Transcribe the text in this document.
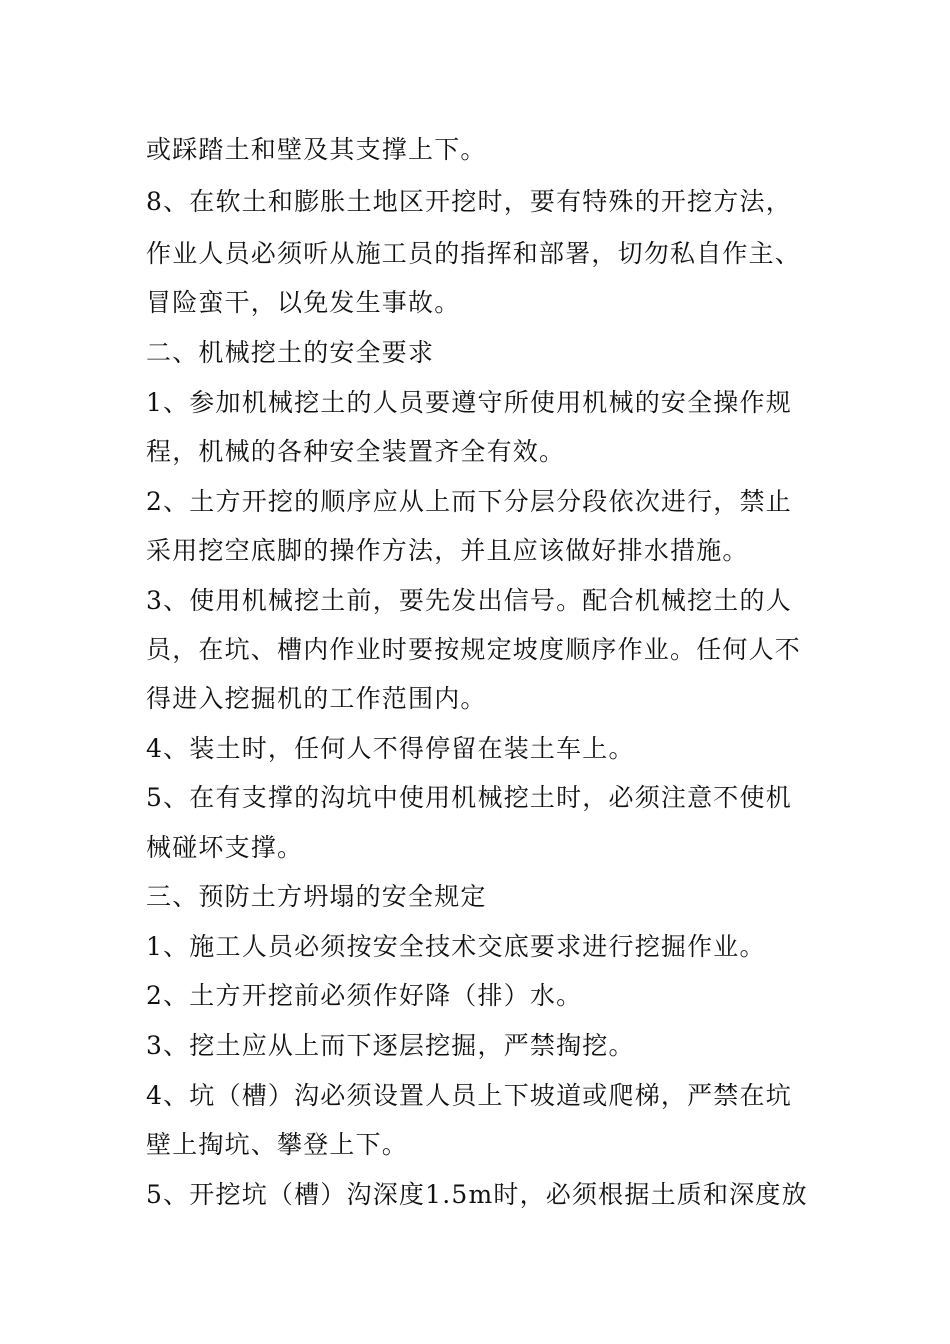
或踩踏土和壁及其支撑上下。
8、在软土和膨胀土地区开挖时，要有特殊的开挖方法，
作业人员必须听从施工员的指挥和部署，切勿私自作主、
冒险蛮干，以免发生事故。
二、机械挖土的安全要求
1、参加机械挖土的人员要遵守所使用机械的安全操作规
程，机械的各种安全装置齐全有效。
2、土方开挖的顺序应从上而下分层分段依次进行，禁止
采用挖空底脚的操作方法，并且应该做好排水措施。
3、使用机械挖土前，要先发出信号。配合机械挖土的人
员，在坑、槽内作业时要按规定坡度顺序作业。任何人不
得进入挖掘机的工作范围内。
4、装土时，任何人不得停留在装土车上。
5、在有支撑的沟坑中使用机械挖土时，必须注意不使机
械碰坏支撑。
三、预防土方坍塌的安全规定
1、施工人员必须按安全技术交底要求进行挖掘作业。
2、土方开挖前必须作好降（排）水。
3、挖土应从上而下逐层挖掘，严禁掏挖。
4、坑（槽）沟必须设置人员上下坡道或爬梯，严禁在坑
壁上掏坑、攀登上下。
5、开挖坑（槽）沟深度1.5m时，必须根据土质和深度放
